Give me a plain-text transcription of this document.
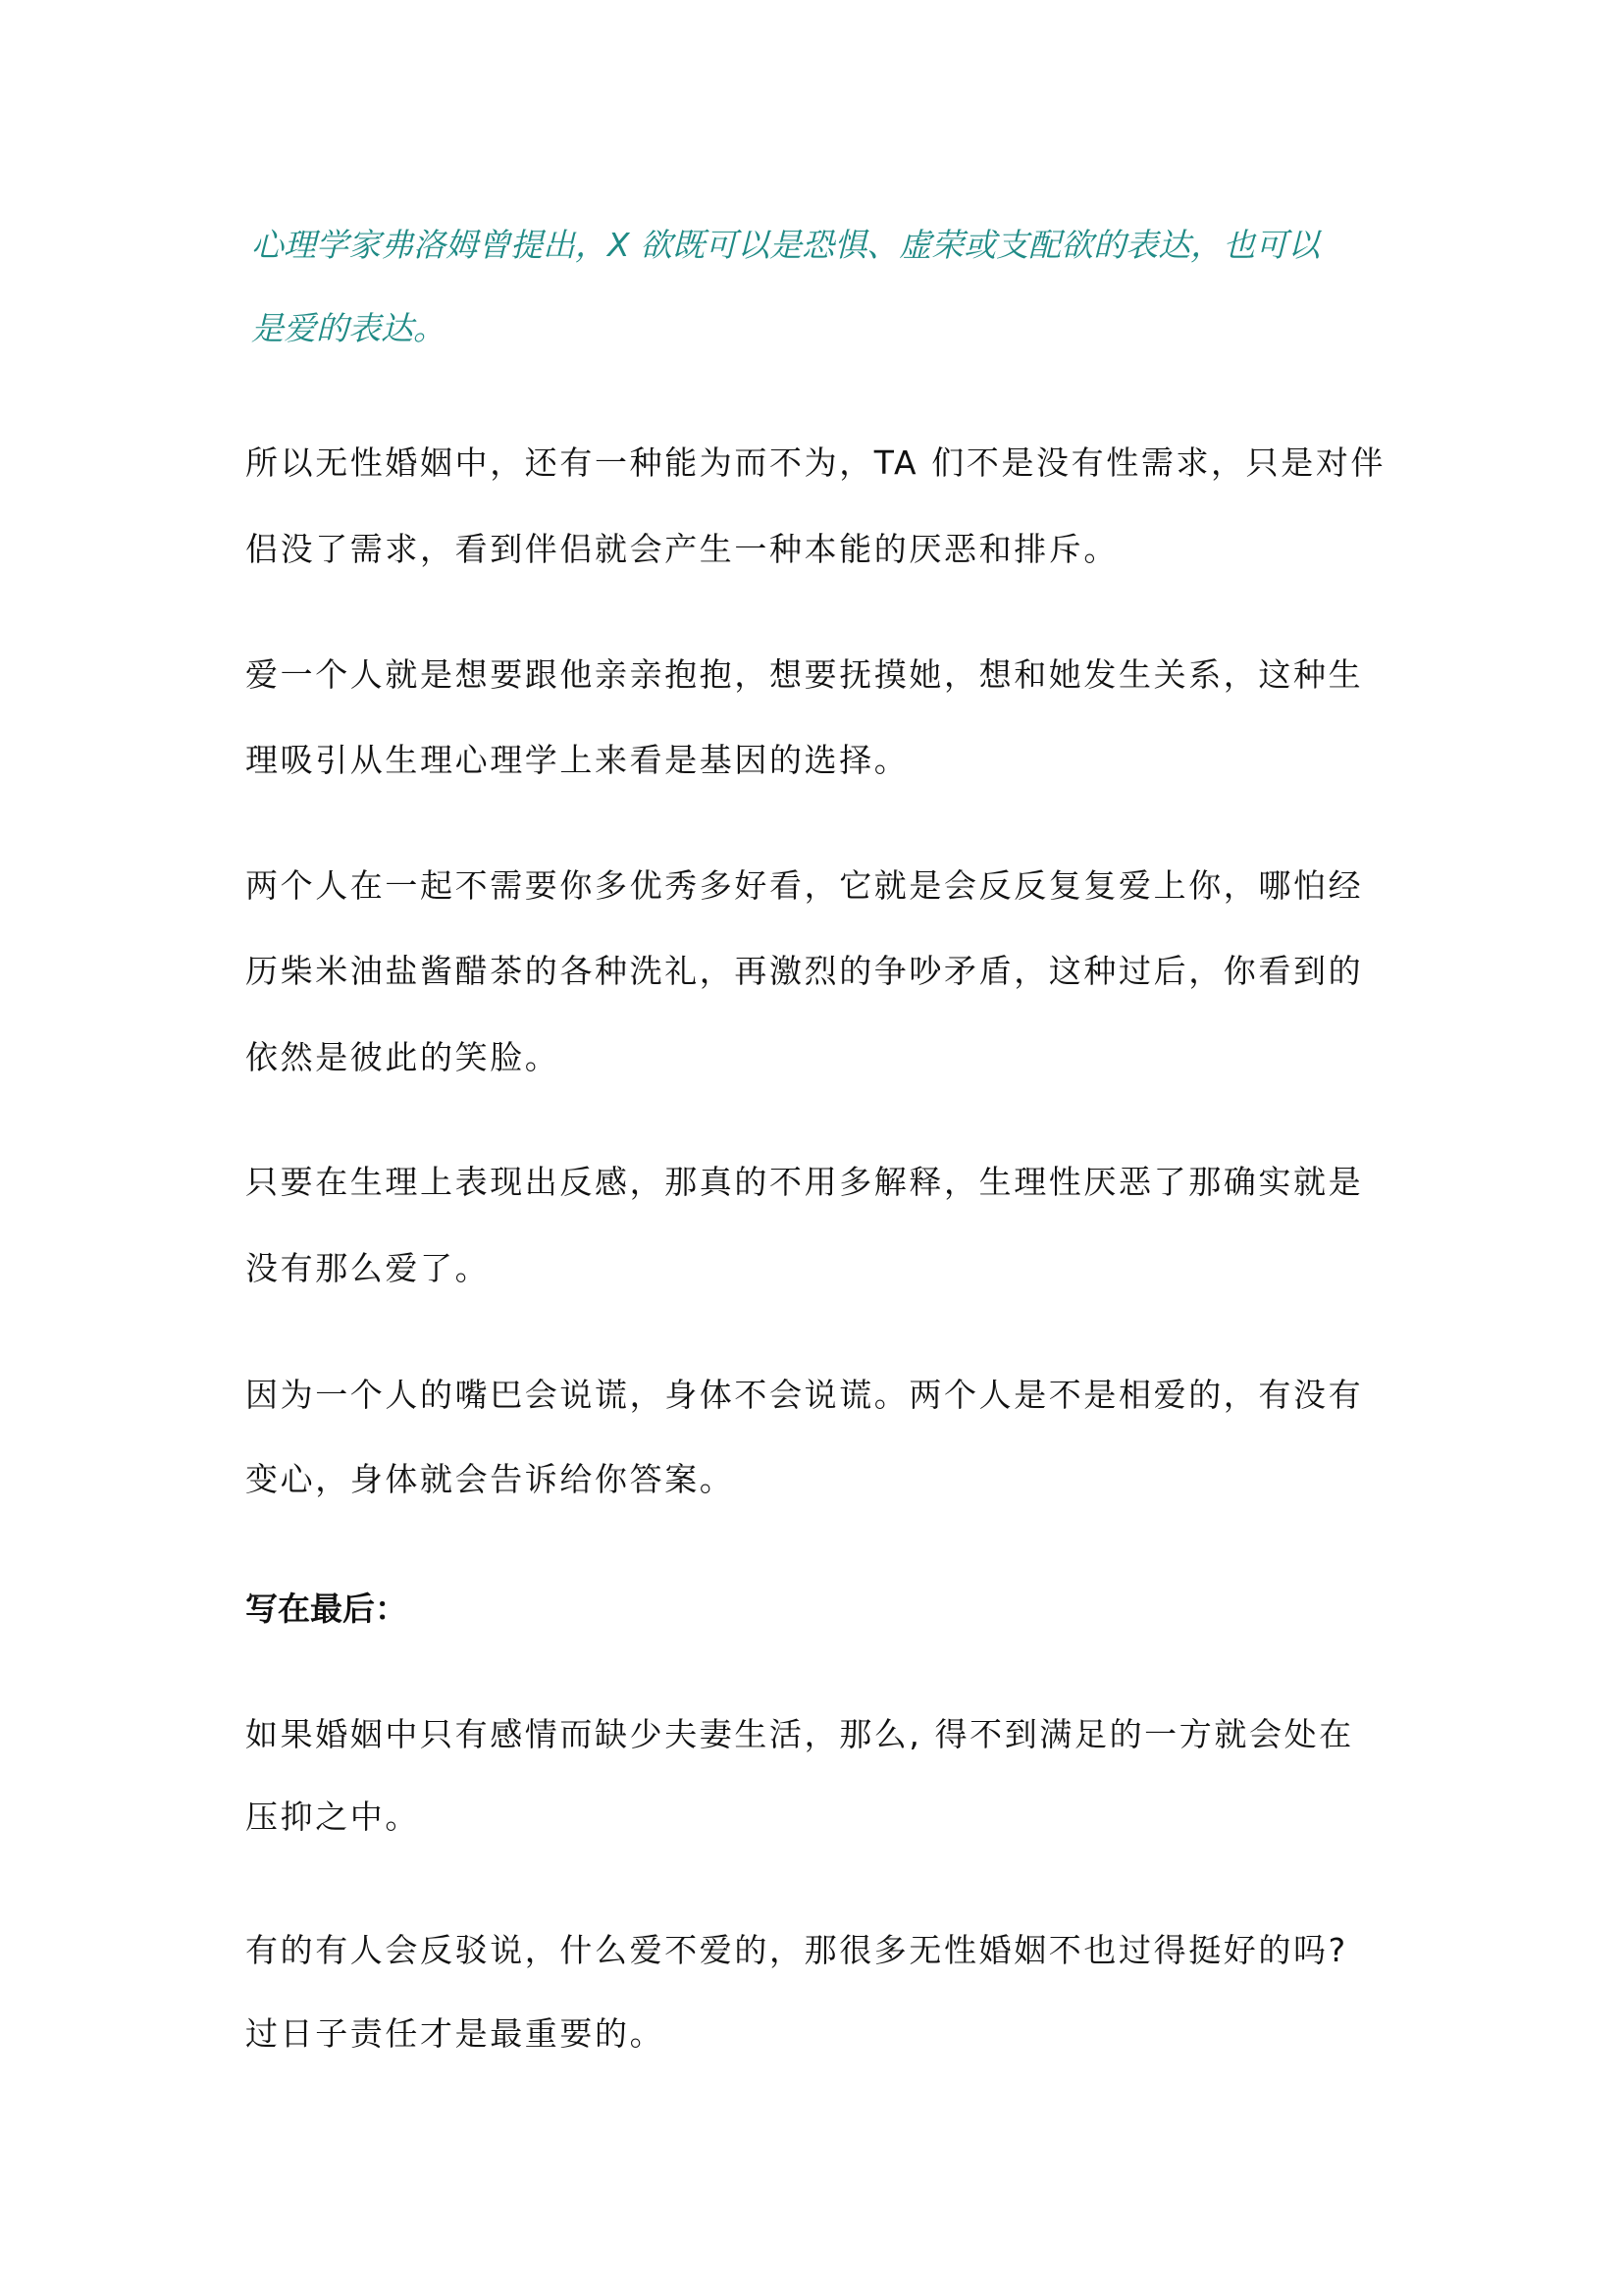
心理学家弗洛姆曾提出，X 欲既可以是恐惧、虚荣或支配欲的表达，也可以
是爱的表达。
所以无性婚姻中，还有一种能为而不为，TA 们不是没有性需求，只是对伴
侣没了需求，看到伴侣就会产生一种本能的厌恶和排斥。
爱一个人就是想要跟他亲亲抱抱，想要抚摸她，想和她发生关系，这种生
理吸引从生理心理学上来看是基因的选择。
两个人在一起不需要你多优秀多好看，它就是会反反复复爱上你，哪怕经
历柴米油盐酱醋茶的各种洗礼，再激烈的争吵矛盾，这种过后，你看到的
依然是彼此的笑脸。
只要在生理上表现出反感，那真的不用多解释，生理性厌恶了那确实就是
没有那么爱了。
因为一个人的嘴巴会说谎，身体不会说谎。两个人是不是相爱的，有没有
变心，身体就会告诉给你答案。
写在最后：
如果婚姻中只有感情而缺少夫妻生活，那么, 得不到满足的一方就会处在
压抑之中。
有的有人会反驳说，什么爱不爱的，那很多无性婚姻不也过得挺好的吗?
过日子责任才是最重要的。
